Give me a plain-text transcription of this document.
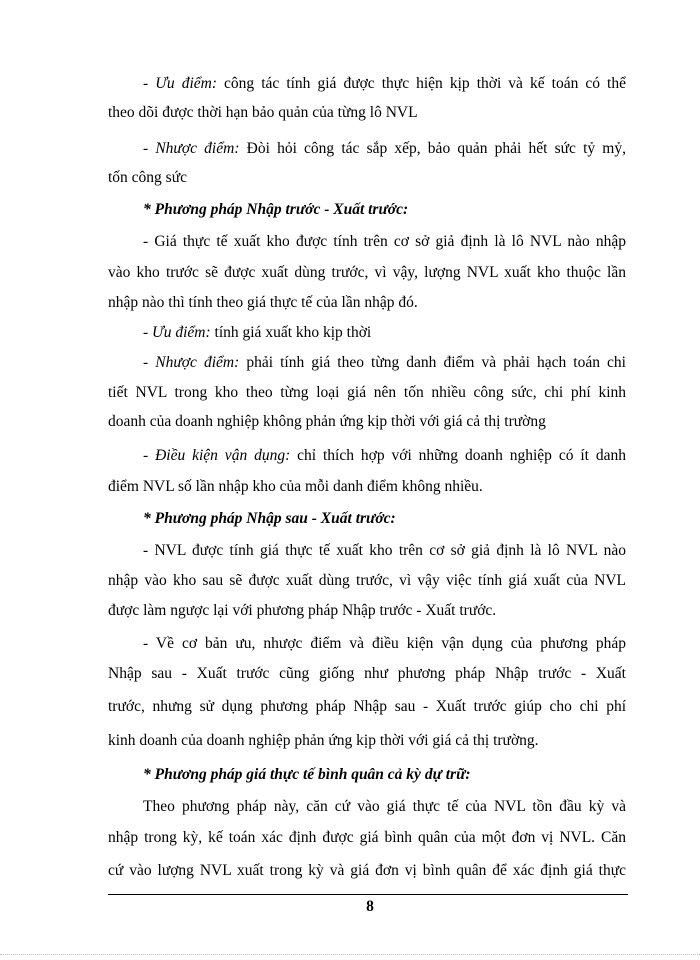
- Ưu điểm: công tác tính giá được thực hiện kịp thời và kế toán có thể
theo dõi được thời hạn bảo quản của từng lô NVL
- Nhược điểm: Đòi hỏi công tác sắp xếp, bảo quản phải hết sức tỷ mỷ,
tốn công sức
* Phương pháp Nhập trước - Xuất trước:
- Giá thực tế xuất kho được tính trên cơ sở giả định là lô NVL nào nhập
vào kho trước sẽ được xuất dùng trước, vì vậy, lượng NVL xuất kho thuộc lần
nhập nào thì tính theo giá thực tế của lần nhập đó.
- Ưu điểm: tính giá xuất kho kịp thời
- Nhược điểm: phải tính giá theo từng danh điểm và phải hạch toán chi
tiết NVL trong kho theo từng loại giá nên tốn nhiều công sức, chi phí kinh
doanh của doanh nghiệp không phản ứng kịp thời với giá cả thị trường
- Điều kiện vận dụng: chỉ thích hợp với những doanh nghiệp có ít danh
điểm NVL số lần nhập kho của mỗi danh điểm không nhiều.
* Phương pháp Nhập sau - Xuất trước:
- NVL được tính giá thực tế xuất kho trên cơ sở giả định là lô NVL nào
nhập vào kho sau sẽ được xuất dùng trước, vì vậy việc tính giá xuất của NVL
được làm ngược lại với phương pháp Nhập trước - Xuất trước.
- Về cơ bản ưu, nhược điểm và điều kiện vận dụng của phương pháp
Nhập sau - Xuất trước cũng giống như phương pháp Nhập trước - Xuất
trước, nhưng sử dụng phương pháp Nhập sau - Xuất trước giúp cho chi phí
kinh doanh của doanh nghiệp phản ứng kịp thời với giá cả thị trường.
* Phương pháp giá thực tế bình quân cả kỳ dự trữ:
Theo phương pháp này, căn cứ vào giá thực tế của NVL tồn đầu kỳ và
nhập trong kỳ, kế toán xác định được giá bình quân của một đơn vị NVL. Căn
cứ vào lượng NVL xuất trong kỳ và giá đơn vị bình quân để xác định giá thực
8
